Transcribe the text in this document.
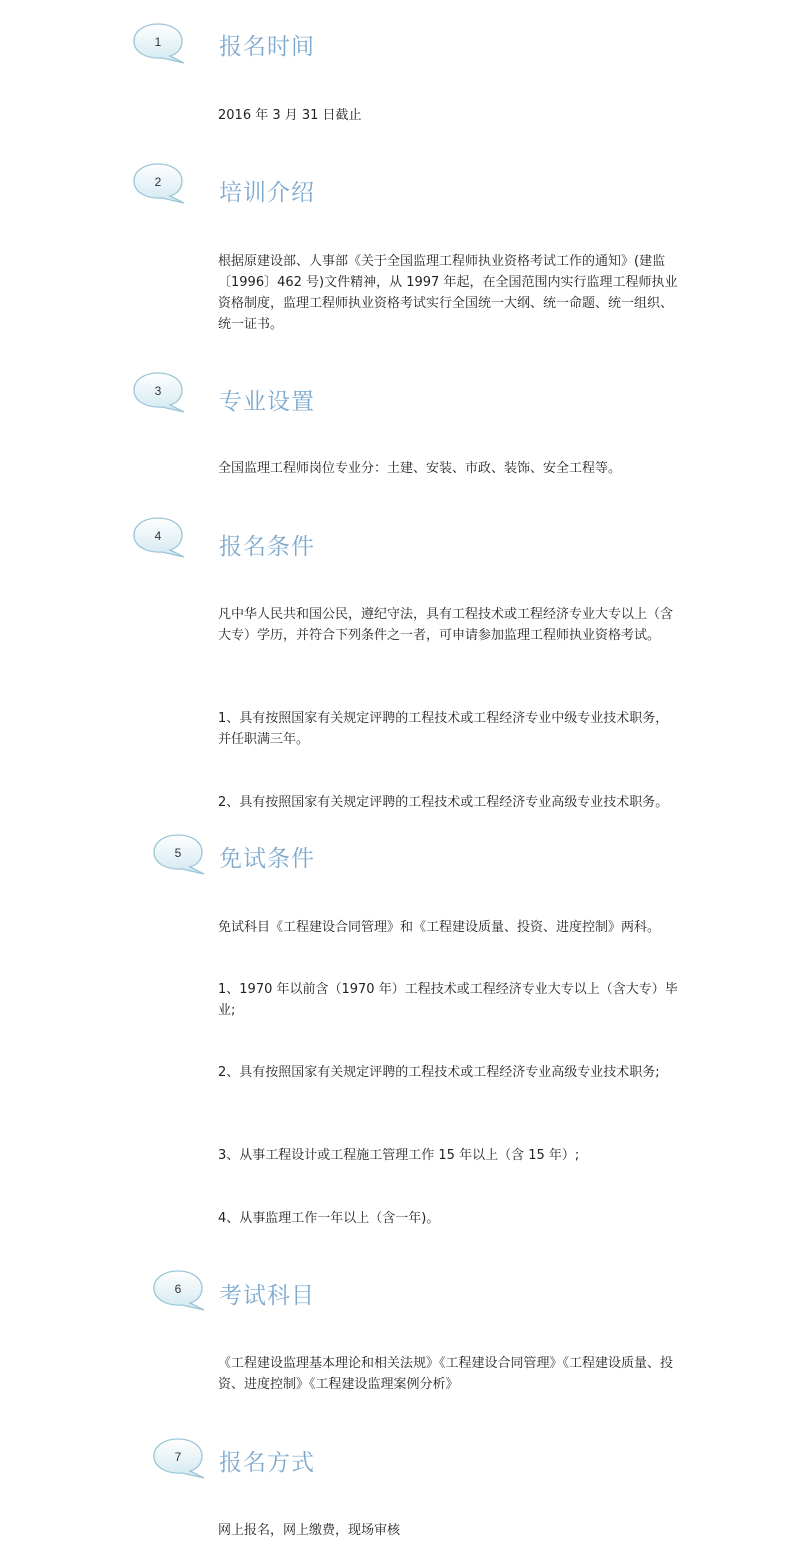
1	报名时间
2016 年 3 月 31 日截止
2	培训介绍
根据原建设部、人事部《关于全国监理工程师执业资格考试工作的通知》(建监〔1996〕462 号)文件精神，从 1997 年起，在全国范围内实行监理工程师执业资格制度，监理工程师执业资格考试实行全国统一大纲、统一命题、统一组织、统一证书。
3	专业设置
全国监理工程师岗位专业分：土建、安装、市政、装饰、安全工程等。
4	报名条件
凡中华人民共和国公民，遵纪守法，具有工程技术或工程经济专业大专以上（含大专）学历，并符合下列条件之一者，可申请参加监理工程师执业资格考试。
1、具有按照国家有关规定评聘的工程技术或工程经济专业中级专业技术职务，并任职满三年。
2、具有按照国家有关规定评聘的工程技术或工程经济专业高级专业技术职务。
5	免试条件
免试科目《工程建设合同管理》和《工程建设质量、投资、进度控制》两科。
1、1970 年以前含（1970 年）工程技术或工程经济专业大专以上（含大专）毕业;
2、具有按照国家有关规定评聘的工程技术或工程经济专业高级专业技术职务;
3、从事工程设计或工程施工管理工作 15 年以上（含 15 年）;
4、从事监理工作一年以上（含一年)。
6	考试科目
《工程建设监理基本理论和相关法规》《工程建设合同管理》《工程建设质量、投资、进度控制》《工程建设监理案例分析》
7	报名方式
网上报名，网上缴费，现场审核
